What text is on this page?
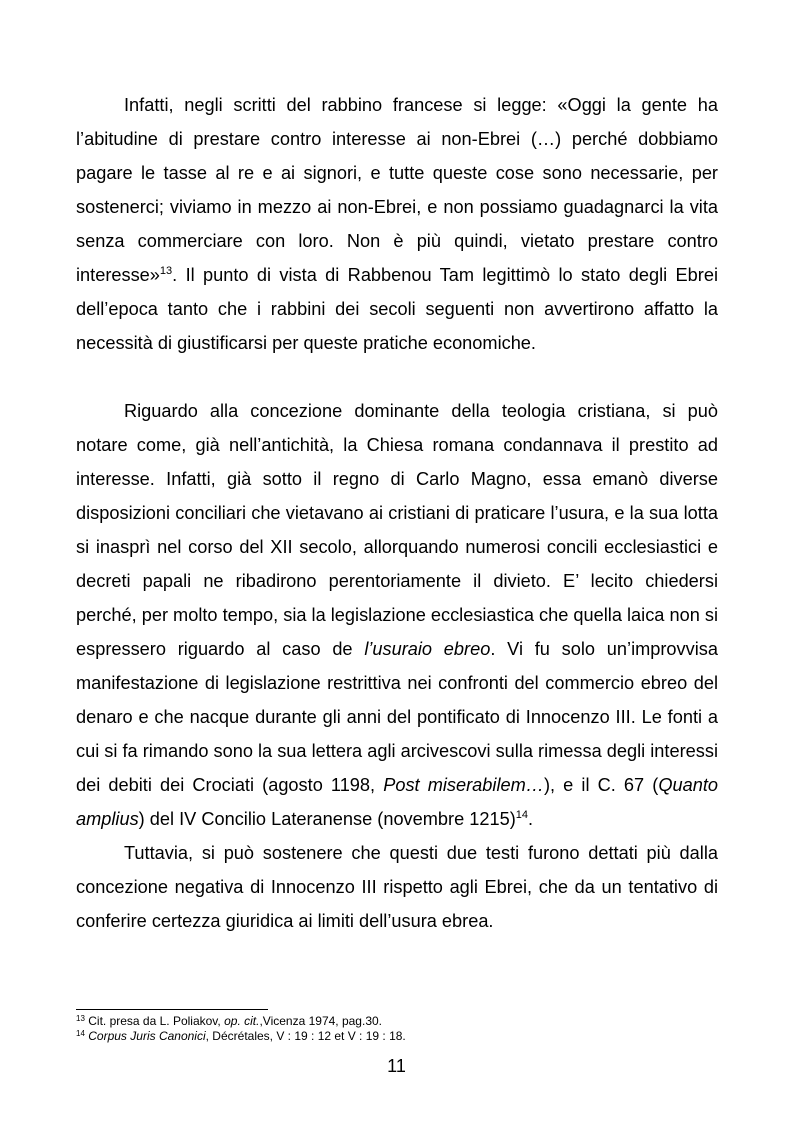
Infatti, negli scritti del rabbino francese si legge: «Oggi la gente ha l’abitudine di prestare contro interesse ai non-Ebrei (…) perché dobbiamo pagare le tasse al re e ai signori, e tutte queste cose sono necessarie, per sostenerci; viviamo in mezzo ai non-Ebrei, e non possiamo guadagnarci la vita senza commerciare con loro. Non è più quindi, vietato prestare contro interesse»$^{13}$. Il punto di vista di Rabbenou Tam legittimò lo stato degli Ebrei dell’epoca tanto che i rabbini dei secoli seguenti non avvertirono affatto la necessità di giustificarsi per queste pratiche economiche.

Riguardo alla concezione dominante della teologia cristiana, si può notare come, già nell’antichità, la Chiesa romana condannava il prestito ad interesse. Infatti, già sotto il regno di Carlo Magno, essa emanò diverse disposizioni conciliari che vietavano ai cristiani di praticare l’usura, e la sua lotta si inasprì nel corso del XII secolo, allorquando numerosi concili ecclesiastici e decreti papali ne ribadirono perentoriamente il divieto. E’ lecito chiedersi perché, per molto tempo, sia la legislazione ecclesiastica che quella laica non si espressero riguardo al caso de l’usuraio ebreo. Vi fu solo un’improvvisa manifestazione di legislazione restrittiva nei confronti del commercio ebreo del denaro e che nacque durante gli anni del pontificato di Innocenzo III. Le fonti a cui si fa rimando sono la sua lettera agli arcivescovi sulla rimessa degli interessi dei debiti dei Crociati (agosto 1198, Post miserabilem…), e il C. 67 (Quanto amplius) del IV Concilio Lateranense (novembre 1215)$^{14}$.

Tuttavia, si può sostenere che questi due testi furono dettati più dalla concezione negativa di Innocenzo III rispetto agli Ebrei, che da un tentativo di conferire certezza giuridica ai limiti dell’usura ebrea.

$^{13}$ Cit. presa da L. Poliakov, op. cit.,Vicenza 1974, pag.30.

$^{14}$ Corpus Juris Canonici, Décrétales, V : 19 : 12 et V : 19 : 18.

11
